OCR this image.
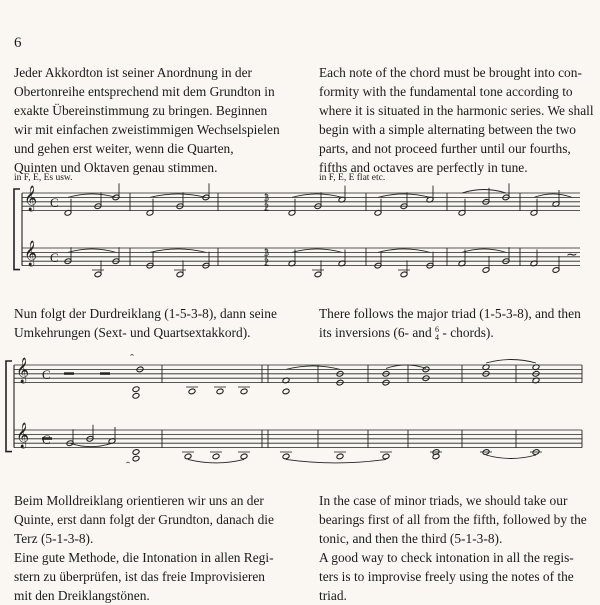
6
Jeder Akkordton ist seiner Anordnung in der
Obertonreihe entsprechend mit dem Grundton in
exakte Übereinstimmung zu bringen. Beginnen
wir mit einfachen zweistimmigen Wechselspielen
und gehen erst weiter, wenn die Quarten,
Quinten und Oktaven genau stimmen.
Each note of the chord must be brought into con-
formity with the fundamental tone according to
where it is situated in the harmonic series. We shall
begin with a simple alternating between the two
parts, and not proceed further until our fourths,
fifths and octaves are perfectly in tune.
in F, E, Es usw.	in F, E, E flat etc.
Nun folgt der Durdreiklang (1-5-3-8), dann seine
Umkehrungen (Sext- und Quartsextakkord).
There follows the major triad (1-5-3-8), and then
its inversions (6- and 6
4 - chords).
Beim Molldreiklang orientieren wir uns an der
Quinte, erst dann folgt der Grundton, danach die
Terz (5-1-3-8).
Eine gute Methode, die Intonation in allen Regi-
stern zu überprüfen, ist das freie Improvisieren
mit den Dreiklangstönen.
In the case of minor triads, we should take our
bearings first of all from the fifth, followed by the
tonic, and then the third (5-1-3-8).
A good way to check intonation in all the regis-
ters is to improvise freely using the notes of the
triad.
𝄞 C
𝄞 C
3
2
3
2
∼
𝄞 C
𝄞
